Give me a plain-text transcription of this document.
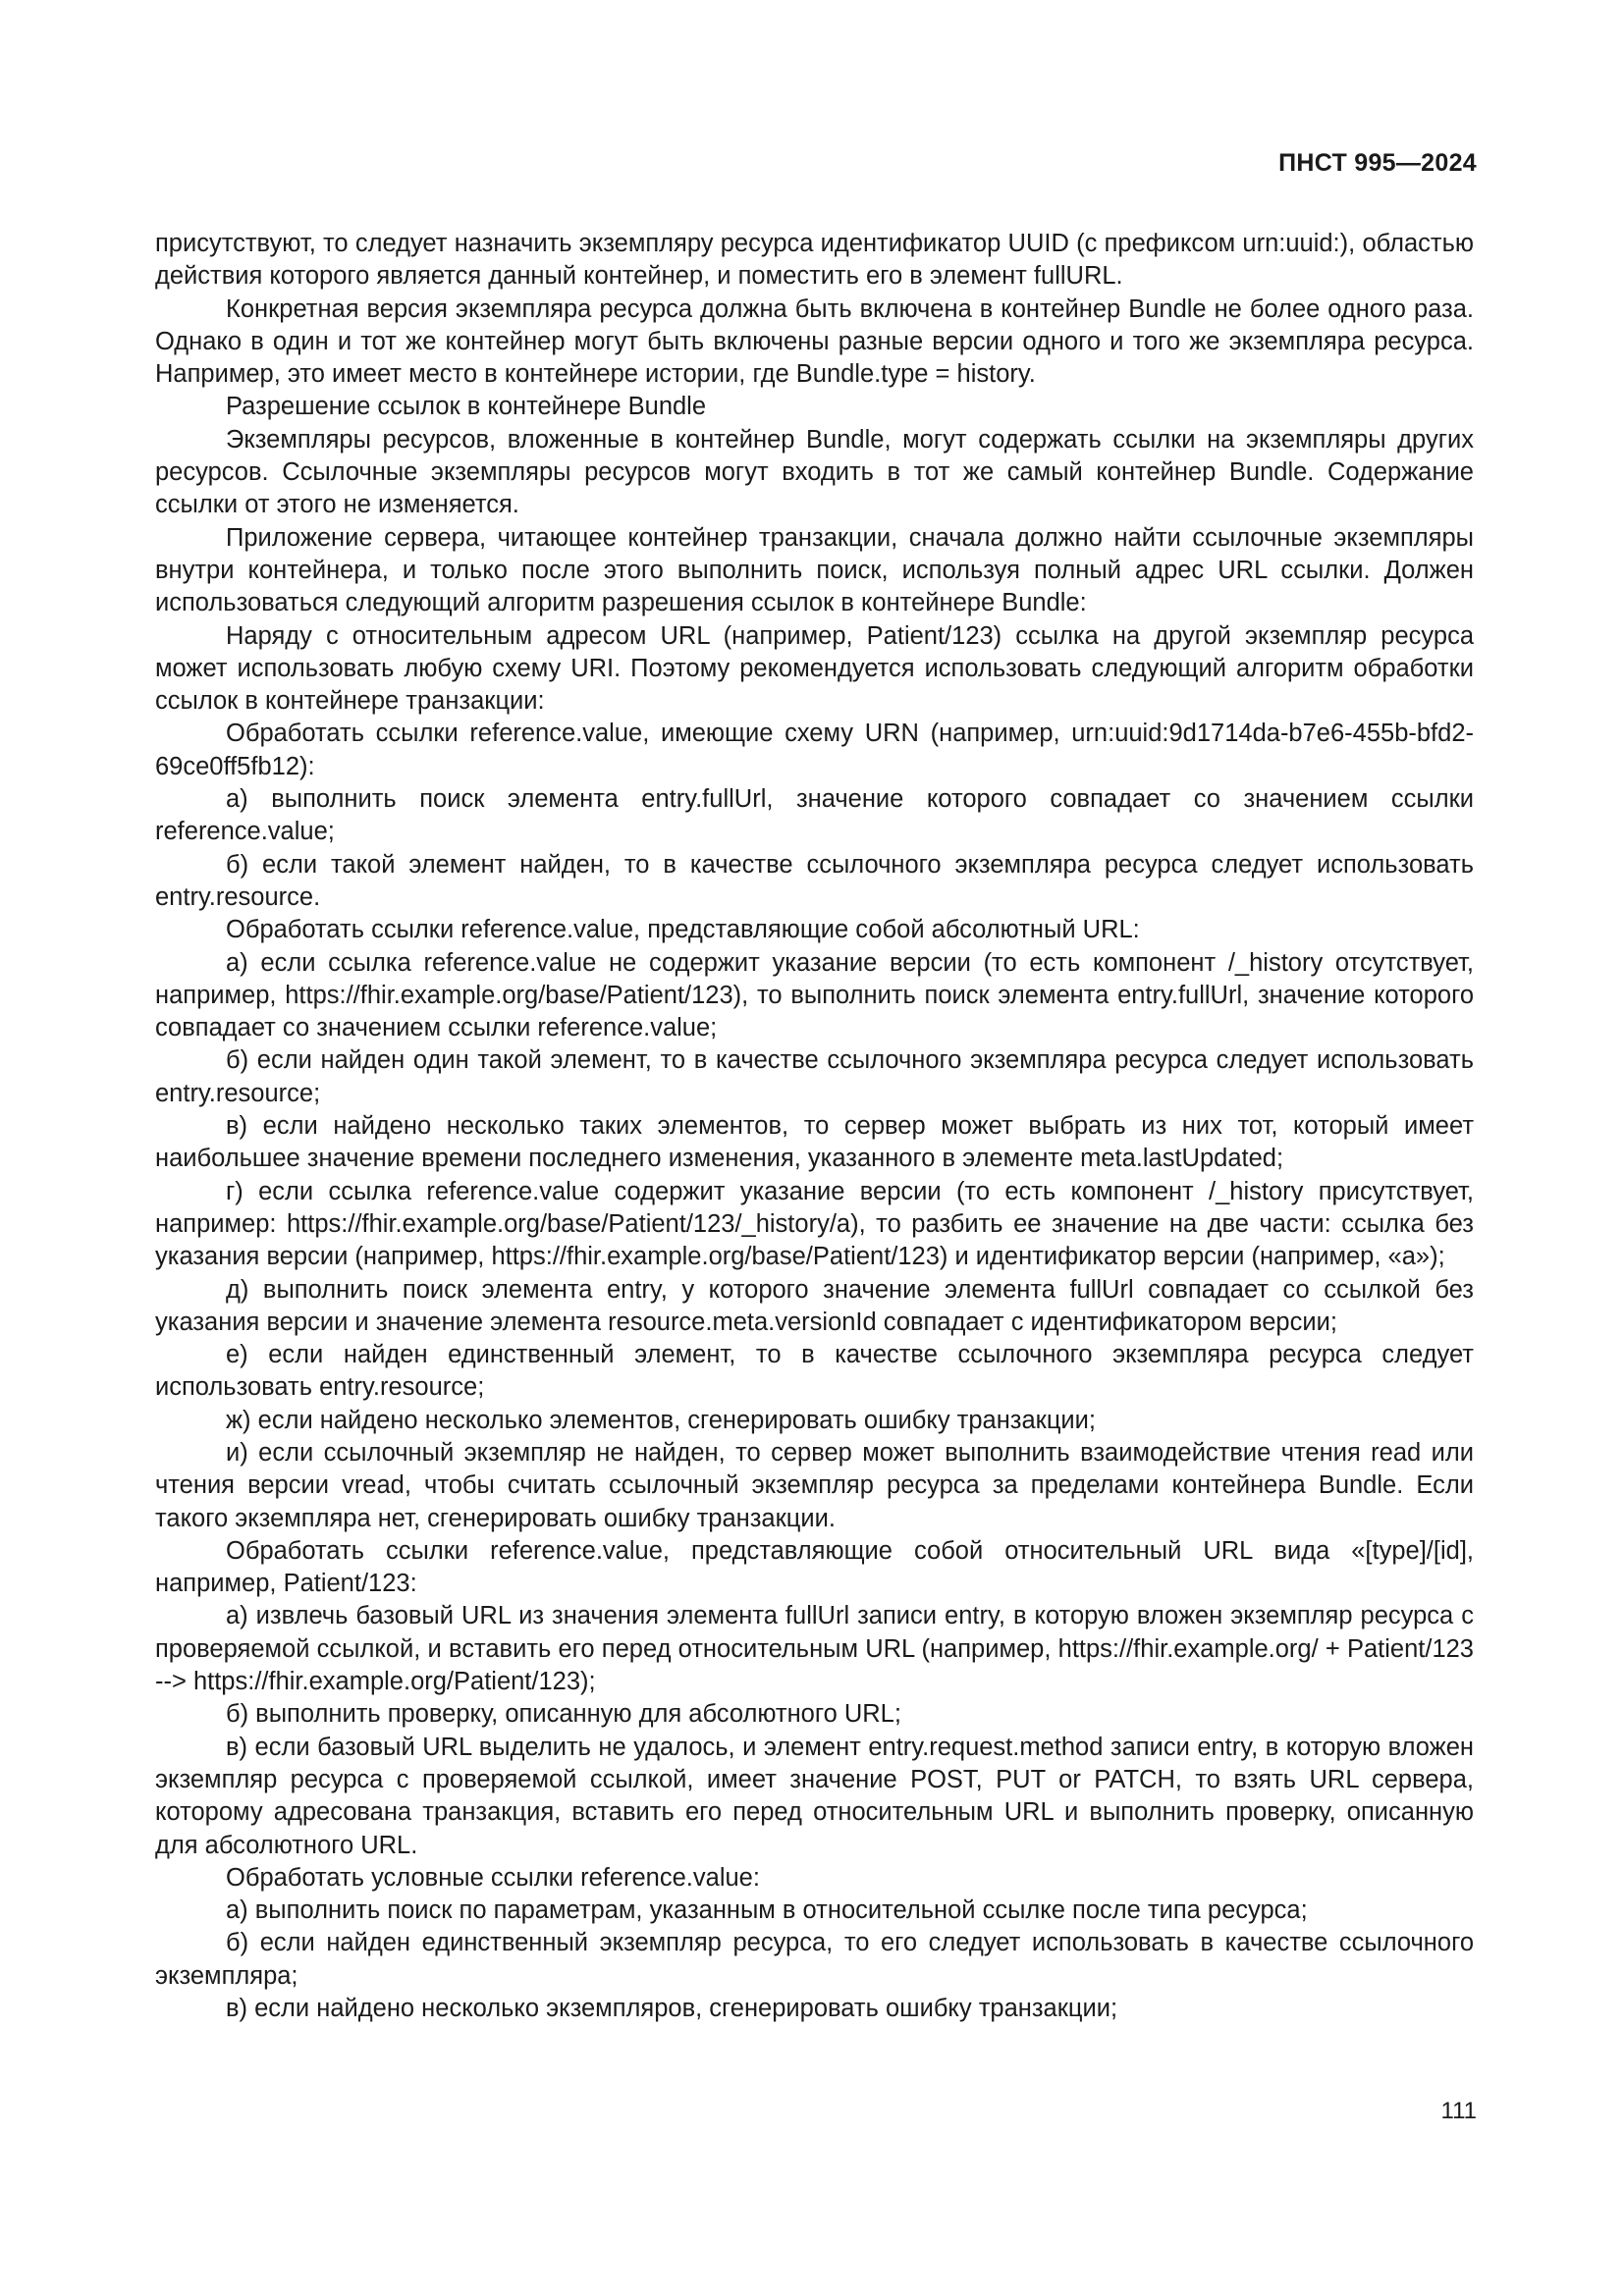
ПНСТ 995—2024

присутствуют, то следует назначить экземпляру ресурса идентификатор UUID (с префиксом urn:uuid:), областью действия которого является данный контейнер, и поместить его в элемент fullURL.

Конкретная версия экземпляра ресурса должна быть включена в контейнер Bundle не более одного раза. Однако в один и тот же контейнер могут быть включены разные версии одного и того же экземпляра ресурса. Например, это имеет место в контейнере истории, где Bundle.type = history.

Разрешение ссылок в контейнере Bundle

Экземпляры ресурсов, вложенные в контейнер Bundle, могут содержать ссылки на экземпляры других ресурсов. Ссылочные экземпляры ресурсов могут входить в тот же самый контейнер Bundle. Содержание ссылки от этого не изменяется.

Приложение сервера, читающее контейнер транзакции, сначала должно найти ссылочные экземпляры внутри контейнера, и только после этого выполнить поиск, используя полный адрес URL ссылки. Должен использоваться следующий алгоритм разрешения ссылок в контейнере Bundle:

Наряду с относительным адресом URL (например, Patient/123) ссылка на другой экземпляр ресурса может использовать любую схему URI. Поэтому рекомендуется использовать следующий алгоритм обработки ссылок в контейнере транзакции:

Обработать ссылки reference.value, имеющие схему URN (например, urn:uuid:9d1714da-b7e6-455b-bfd2-69ce0ff5fb12):

а) выполнить поиск элемента entry.fullUrl, значение которого совпадает со значением ссылки reference.value;

б) если такой элемент найден, то в качестве ссылочного экземпляра ресурса следует использовать entry.resource.

Обработать ссылки reference.value, представляющие собой абсолютный URL:

а) если ссылка reference.value не содержит указание версии (то есть компонент /_history отсутствует, например, https://fhir.example.org/base/Patient/123), то выполнить поиск элемента entry.fullUrl, значение которого совпадает со значением ссылки reference.value;

б) если найден один такой элемент, то в качестве ссылочного экземпляра ресурса следует использовать entry.resource;

в) если найдено несколько таких элементов, то сервер может выбрать из них тот, который имеет наибольшее значение времени последнего изменения, указанного в элементе meta.lastUpdated;

г) если ссылка reference.value содержит указание версии (то есть компонент /_history присутствует, например: https://fhir.example.org/base/Patient/123/_history/a), то разбить ее значение на две части: ссылка без указания версии (например, https://fhir.example.org/base/Patient/123) и идентификатор версии (например, «а»);

д) выполнить поиск элемента entry, у которого значение элемента fullUrl совпадает со ссылкой без указания версии и значение элемента resource.meta.versionId совпадает с идентификатором версии;

е) если найден единственный элемент, то в качестве ссылочного экземпляра ресурса следует использовать entry.resource;

ж) если найдено несколько элементов, сгенерировать ошибку транзакции;

и) если ссылочный экземпляр не найден, то сервер может выполнить взаимодействие чтения read или чтения версии vread, чтобы считать ссылочный экземпляр ресурса за пределами контейнера Bundle. Если такого экземпляра нет, сгенерировать ошибку транзакции.

Обработать ссылки reference.value, представляющие собой относительный URL вида «[type]/[id], например, Patient/123:

а) извлечь базовый URL из значения элемента fullUrl записи entry, в которую вложен экземпляр ресурса с проверяемой ссылкой, и вставить его перед относительным URL (например, https://fhir.example.org/ + Patient/123 --> https://fhir.example.org/Patient/123);

б) выполнить проверку, описанную для абсолютного URL;

в) если базовый URL выделить не удалось, и элемент entry.request.method записи entry, в которую вложен экземпляр ресурса с проверяемой ссылкой, имеет значение POST, PUT or PATCH, то взять URL сервера, которому адресована транзакция, вставить его перед относительным URL и выполнить проверку, описанную для абсолютного URL.

Обработать условные ссылки reference.value:

а) выполнить поиск по параметрам, указанным в относительной ссылке после типа ресурса;

б) если найден единственный экземпляр ресурса, то его следует использовать в качестве ссылочного экземпляра;

в) если найдено несколько экземпляров, сгенерировать ошибку транзакции;

111
